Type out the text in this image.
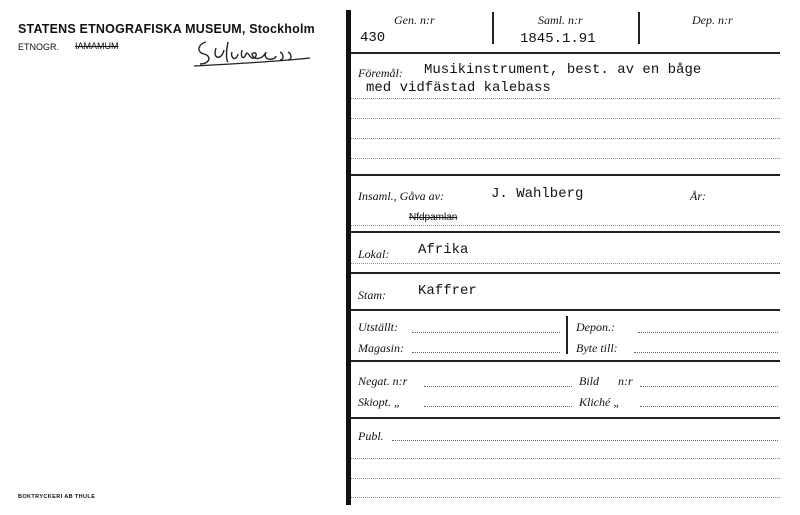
STATENS ETNOGRAFISKA MUSEUM, Stockholm
ETNOGR. IAMAMUM
BOKTRYCKERI AB THULE
Gen. n:r
430
Saml. n:r
1845.1.91
Dep. n:r
Föremål: Musikinstrument, best. av en båge
med vidfästad kalebass
Insaml., Gåva av:	J. Wahlberg	År:
Nfdpamlan
Lokal: Afrika
Stam: Kaffrer
Utställt:	Depon.:
Magasin:	Byte till:
Negat. n:r	Bild n:r
Skiopt. „	Kliché „
Publ.
